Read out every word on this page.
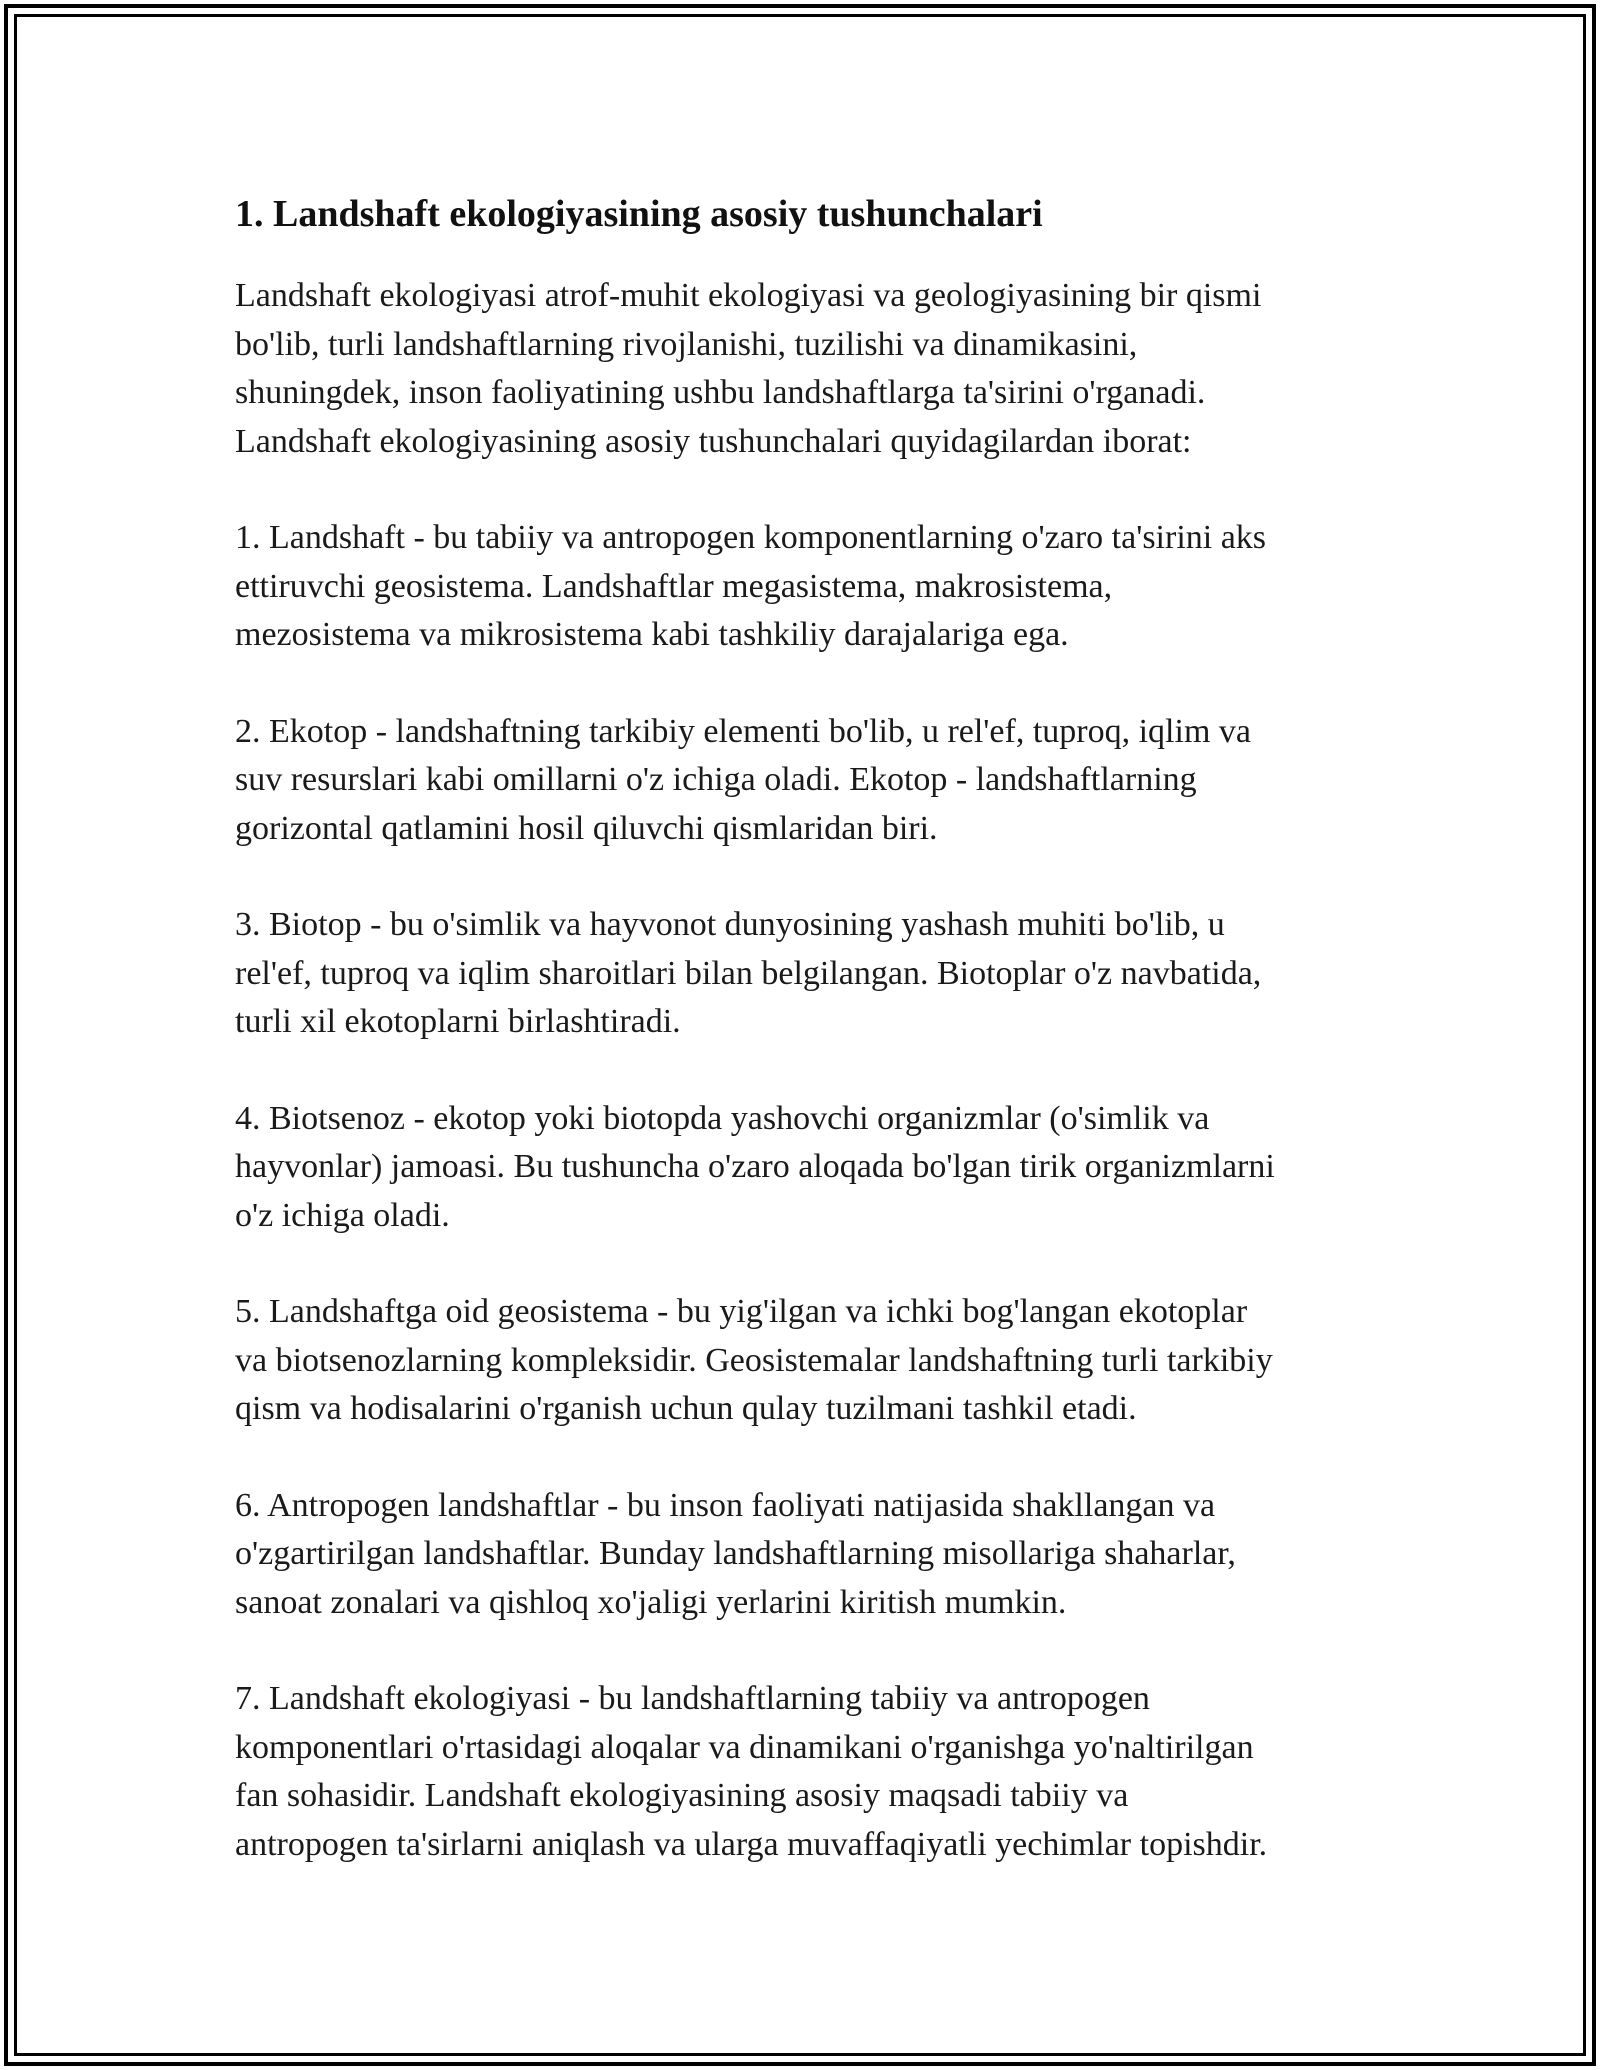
1. Landshaft ekologiyasining asosiy tushunchalari

Landshaft ekologiyasi atrof-muhit ekologiyasi va geologiyasining bir qismi
bo'lib, turli landshaftlarning rivojlanishi, tuzilishi va dinamikasini,
shuningdek, inson faoliyatining ushbu landshaftlarga ta'sirini o'rganadi.
Landshaft ekologiyasining asosiy tushunchalari quyidagilardan iborat:

1. Landshaft - bu tabiiy va antropogen komponentlarning o'zaro ta'sirini aks
ettiruvchi geosistema. Landshaftlar megasistema, makrosistema,
mezosistema va mikrosistema kabi tashkiliy darajalariga ega.

2. Ekotop - landshaftning tarkibiy elementi bo'lib, u rel'ef, tuproq, iqlim va
suv resurslari kabi omillarni o'z ichiga oladi. Ekotop - landshaftlarning
gorizontal qatlamini hosil qiluvchi qismlaridan biri.

3. Biotop - bu o'simlik va hayvonot dunyosining yashash muhiti bo'lib, u
rel'ef, tuproq va iqlim sharoitlari bilan belgilangan. Biotoplar o'z navbatida,
turli xil ekotoplarni birlashtiradi.

4. Biotsenoz - ekotop yoki biotopda yashovchi organizmlar (o'simlik va
hayvonlar) jamoasi. Bu tushuncha o'zaro aloqada bo'lgan tirik organizmlarni
o'z ichiga oladi.

5. Landshaftga oid geosistema - bu yig'ilgan va ichki bog'langan ekotoplar
va biotsenozlarning kompleksidir. Geosistemalar landshaftning turli tarkibiy
qism va hodisalarini o'rganish uchun qulay tuzilmani tashkil etadi.

6. Antropogen landshaftlar - bu inson faoliyati natijasida shakllangan va
o'zgartirilgan landshaftlar. Bunday landshaftlarning misollariga shaharlar,
sanoat zonalari va qishloq xo'jaligi yerlarini kiritish mumkin.

7. Landshaft ekologiyasi - bu landshaftlarning tabiiy va antropogen
komponentlari o'rtasidagi aloqalar va dinamikani o'rganishga yo'naltirilgan
fan sohasidir. Landshaft ekologiyasining asosiy maqsadi tabiiy va
antropogen ta'sirlarni aniqlash va ularga muvaffaqiyatli yechimlar topishdir.
